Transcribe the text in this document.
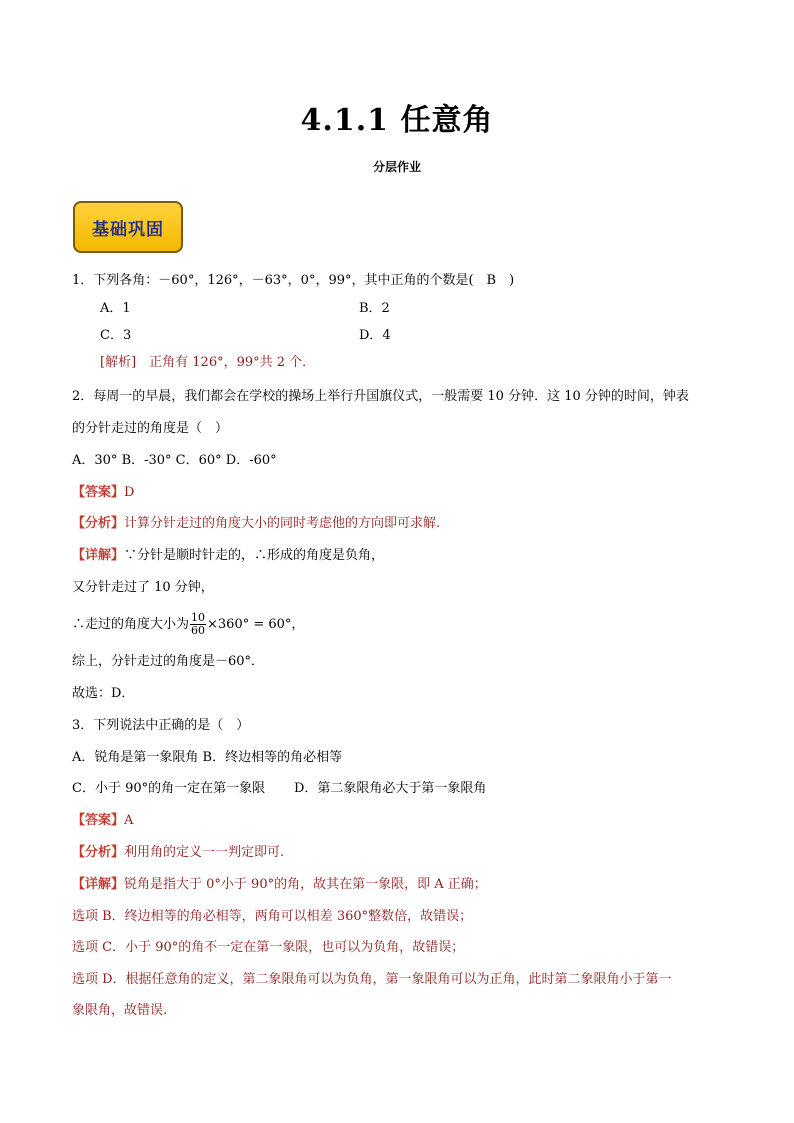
4.1.1 任意角
分层作业
基础巩固
1．下列各角：－60°，126°，－63°，0°，99°，其中正角的个数是(　B　)
A．1	B．2
C．3	D．4
[解析]　正角有 126°，99°共 2 个．
2．每周一的早晨，我们都会在学校的操场上举行升国旗仪式，一般需要 10 分钟．这 10 分钟的时间，钟表
的分针走过的角度是（　）
A．30° B．-30° C．60° D．-60°
【答案】D
【分析】计算分针走过的角度大小的同时考虑他的方向即可求解.
【详解】∵分针是顺时针走的，∴形成的角度是负角，
又分针走过了 10 分钟，
∴走过的角度大小为 $\frac{10}{60} \times 360^\circ = 60^\circ$，
综上，分针走过的角度是－60°．
故选：D．
3．下列说法中正确的是（　）
A．锐角是第一象限角 B．终边相等的角必相等
C．小于 90°的角一定在第一象限 D．第二象限角必大于第一象限角
【答案】A
【分析】利用角的定义一一判定即可.
【详解】锐角是指大于 0°小于 90°的角，故其在第一象限，即 A 正确；
选项 B．终边相等的角必相等，两角可以相差 360°整数倍，故错误；
选项 C．小于 90°的角不一定在第一象限，也可以为负角，故错误；
选项 D．根据任意角的定义，第二象限角可以为负角，第一象限角可以为正角，此时第二象限角小于第一
象限角，故错误.
